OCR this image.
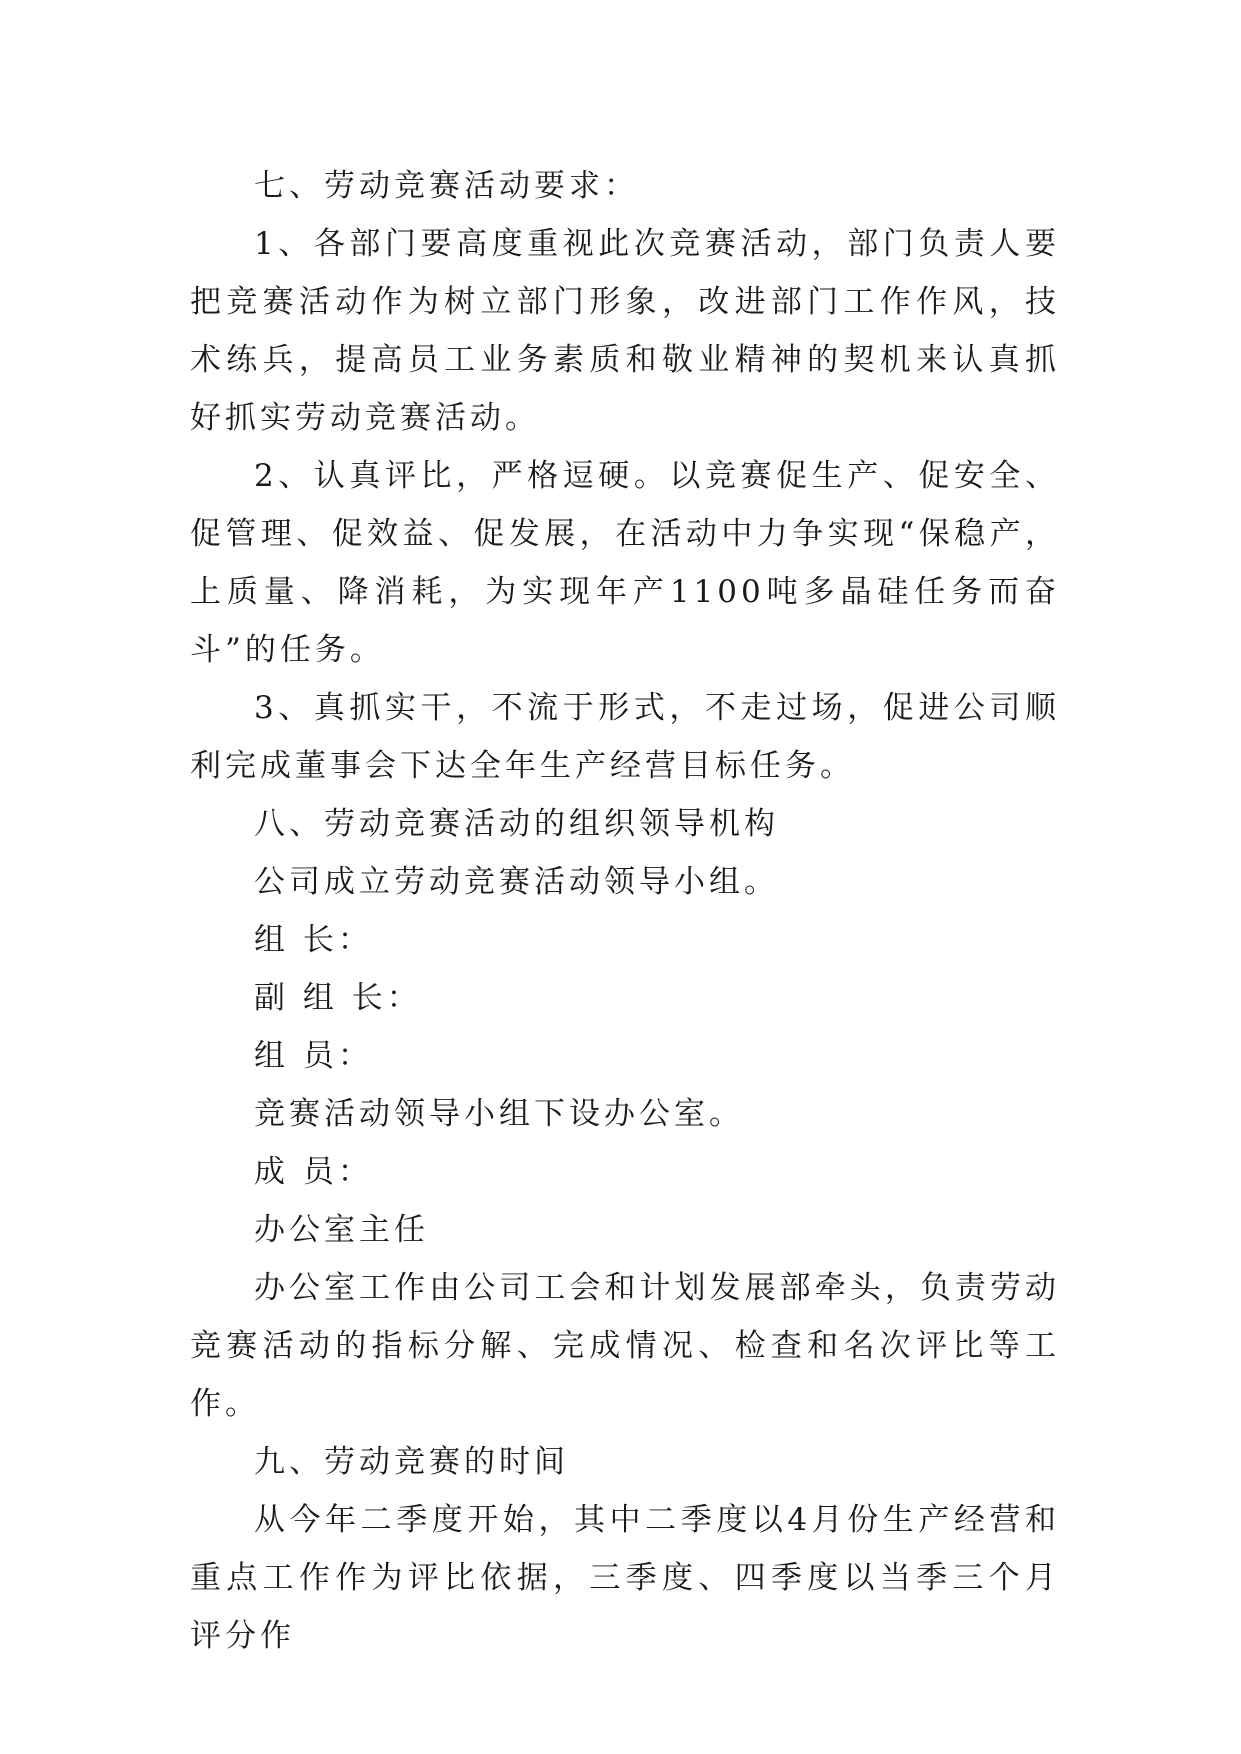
七、劳动竞赛活动要求：

1、各部门要高度重视此次竞赛活动，部门负责人要把竞赛活动作为树立部门形象，改进部门工作作风，技术练兵，提高员工业务素质和敬业精神的契机来认真抓好抓实劳动竞赛活动。

2、认真评比，严格逗硬。以竞赛促生产、促安全、促管理、促效益、促发展，在活动中力争实现“保稳产，上质量、降消耗，为实现年产1100吨多晶硅任务而奋斗”的任务。

3、真抓实干，不流于形式，不走过场，促进公司顺利完成董事会下达全年生产经营目标任务。

八、劳动竞赛活动的组织领导机构

公司成立劳动竞赛活动领导小组。

组 长：

副 组 长：

组 员：

竞赛活动领导小组下设办公室。

成 员：

办公室主任

办公室工作由公司工会和计划发展部牵头，负责劳动竞赛活动的指标分解、完成情况、检查和名次评比等工作。

九、劳动竞赛的时间

从今年二季度开始，其中二季度以4月份生产经营和重点工作作为评比依据，三季度、四季度以当季三个月评分作
